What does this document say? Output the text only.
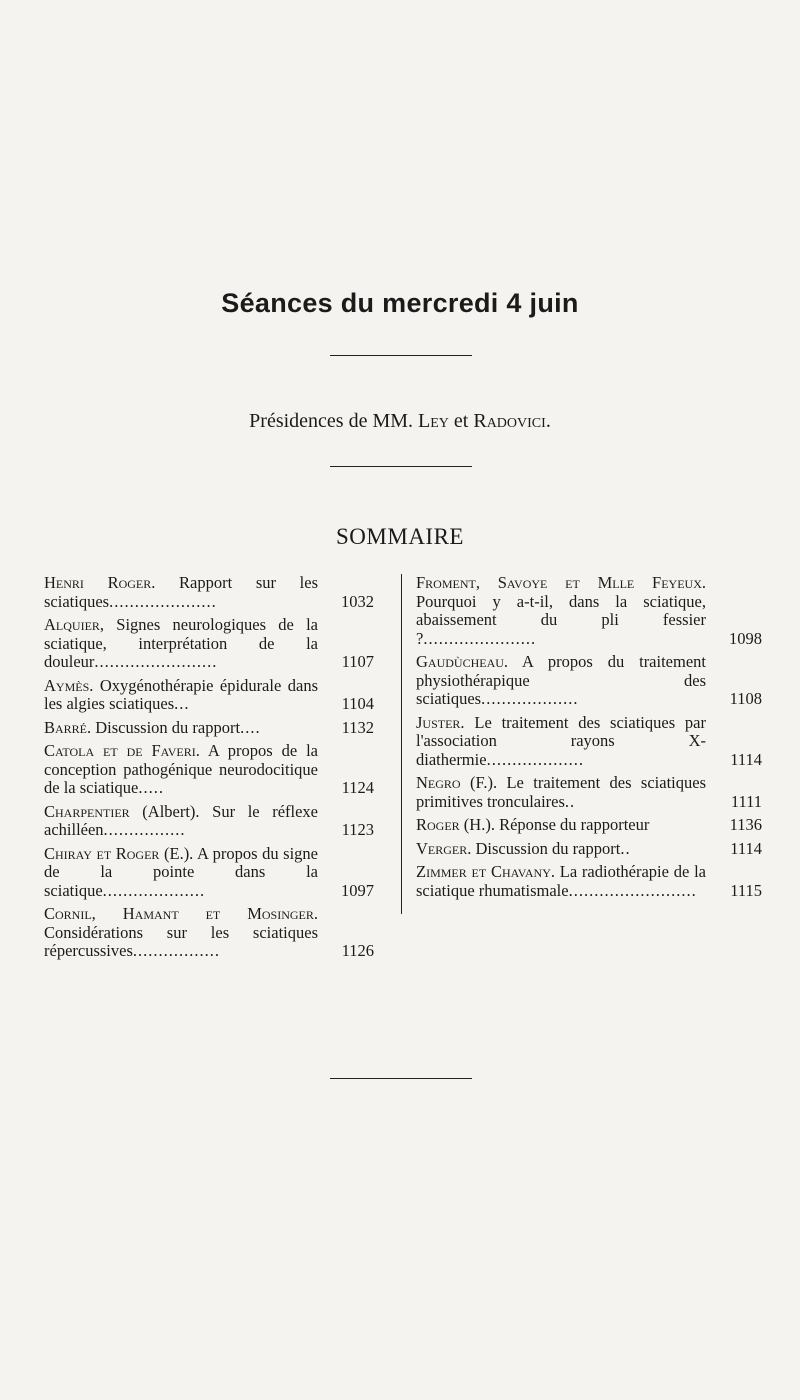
Séances du mercredi 4 juin
Présidences de MM. Ley et Radovici.
SOMMAIRE
Henri Roger. Rapport sur les sciatiques.....................	1032
Alquier, Signes neurologiques de la sciatique, interprétation de la douleur........................	1107
Aymès. Oxygénothérapie épidurale dans les algies sciatiques...	1104
Barré. Discussion du rapport....	1132
Catola et de Faveri. A propos de la conception pathogénique neurodocitique de la sciatique.....	1124
Charpentier (Albert). Sur le réflexe achilléen................	1123
Chiray et Roger (E.). A propos du signe de la pointe dans la sciatique....................	1097
Cornil, Hamant et Mosinger. Considérations sur les sciatiques répercussives.................	1126
Froment, Savoye et Mlle Feyeux. Pourquoi y a-t-il, dans la sciatique, abaissement du pli fessier ?......................	1098
Gaudùcheau. A propos du traitement physiothérapique des sciatiques...................	1108
Juster. Le traitement des sciatiques par l'association rayons X-diathermie...................	1114
Negro (F.). Le traitement des sciatiques primitives tronculaires..	1111
Roger (H.). Réponse du rapporteur	1136
Verger. Discussion du rapport..	1114
Zimmer et Chavany. La radiothérapie de la sciatique rhumatismale.........................	1115
